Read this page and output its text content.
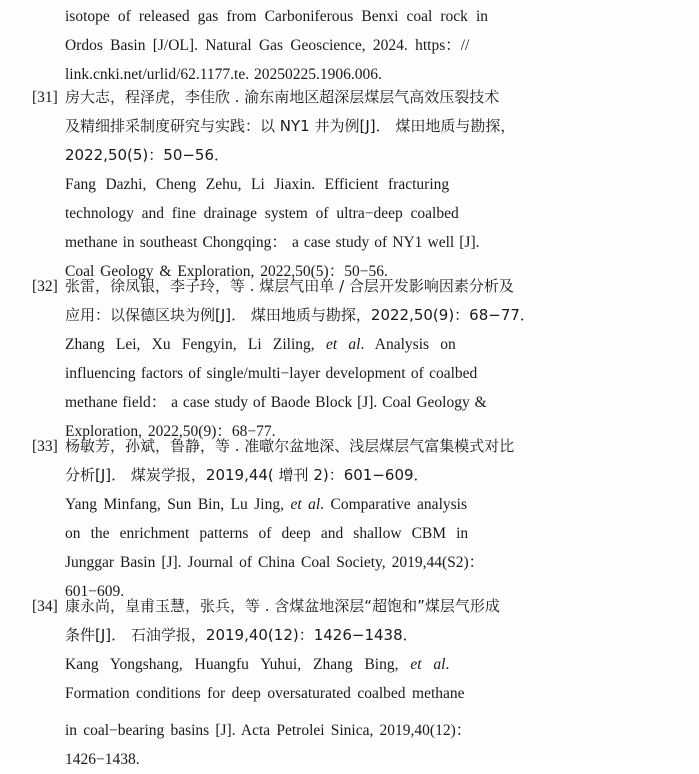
isotope of released gas from Carboniferous Benxi coal rock in
Ordos Basin [J/OL]. Natural Gas Geoscience, 2024. https：//
link.cnki.net/urlid/62.1177.te. 20250225.1906.006.
[31] 房大志，程泽虎，李佳欣 . 渝东南地区超深层煤层气高效压裂技术
及精细排采制度研究与实践：以 NY1 井为例[J]． 煤田地质与勘探，
2022,50(5)：50−56．
Fang Dazhi, Cheng Zehu, Li Jiaxin. Efficient fracturing
technology and fine drainage system of ultra−deep coalbed
methane in southeast Chongqing： a case study of NY1 well [J].
Coal Geology & Exploration, 2022,50(5)：50−56.
[32] 张雷，徐凤银，李子玲，等 . 煤层气田单 / 合层开发影响因素分析及
应用：以保德区块为例[J]． 煤田地质与勘探，2022,50(9)：68−77．
Zhang Lei, Xu Fengyin, Li Ziling, et al. Analysis on
influencing factors of single/multi−layer development of coalbed
methane field： a case study of Baode Block [J]. Coal Geology &
Exploration, 2022,50(9)：68−77.
[33] 杨敏芳，孙斌，鲁静，等 . 准噷尔盆地深、浅层煤层气富集模式对比
分析[J]． 煤炭学报，2019,44( 增刊 2)：601−609．
Yang Minfang, Sun Bin, Lu Jing, et al. Comparative analysis
on the enrichment patterns of deep and shallow CBM in
Junggar Basin [J]. Journal of China Coal Society, 2019,44(S2)：
601−609.
[34] 康永尚，皇甫玉慧，张兵，等 . 含煤盆地深层“超饱和”煤层气形成
条件[J]． 石油学报，2019,40(12)：1426−1438．
Kang Yongshang, Huangfu Yuhui, Zhang Bing, et al.
Formation conditions for deep oversaturated coalbed methane
in coal−bearing basins [J]. Acta Petrolei Sinica, 2019,40(12)：
1426−1438.
